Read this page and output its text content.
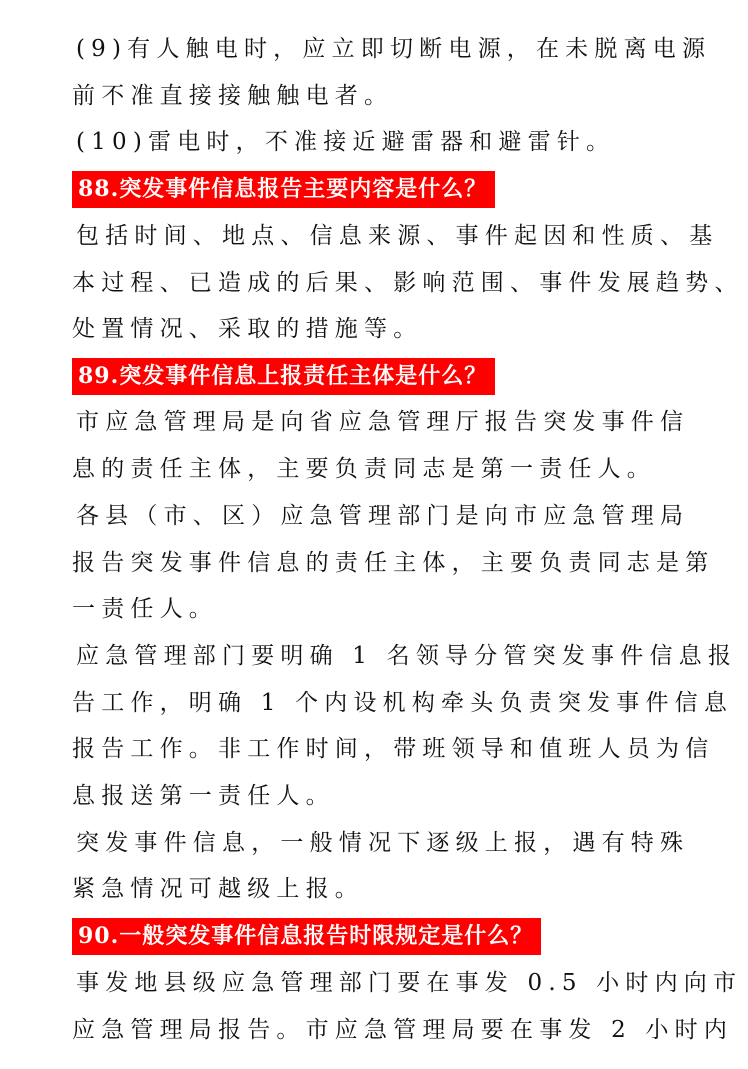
(9)有人触电时，应立即切断电源，在未脱离电源
前不准直接接触触电者。
(10)雷电时，不准接近避雷器和避雷针。
88.突发事件信息报告主要内容是什么？
包括时间、地点、信息来源、事件起因和性质、基
本过程、已造成的后果、影响范围、事件发展趋势、
处置情况、采取的措施等。
89.突发事件信息上报责任主体是什么？
市应急管理局是向省应急管理厅报告突发事件信
息的责任主体，主要负责同志是第一责任人。
各县（市、区）应急管理部门是向市应急管理局
报告突发事件信息的责任主体，主要负责同志是第
一责任人。
应急管理部门要明确 1 名领导分管突发事件信息报
告工作，明确 1 个内设机构牵头负责突发事件信息
报告工作。非工作时间，带班领导和值班人员为信
息报送第一责任人。
突发事件信息，一般情况下逐级上报，遇有特殊
紧急情况可越级上报。
90.一般突发事件信息报告时限规定是什么？
事发地县级应急管理部门要在事发 0.5 小时内向市
应急管理局报告。市应急管理局要在事发 2 小时内
